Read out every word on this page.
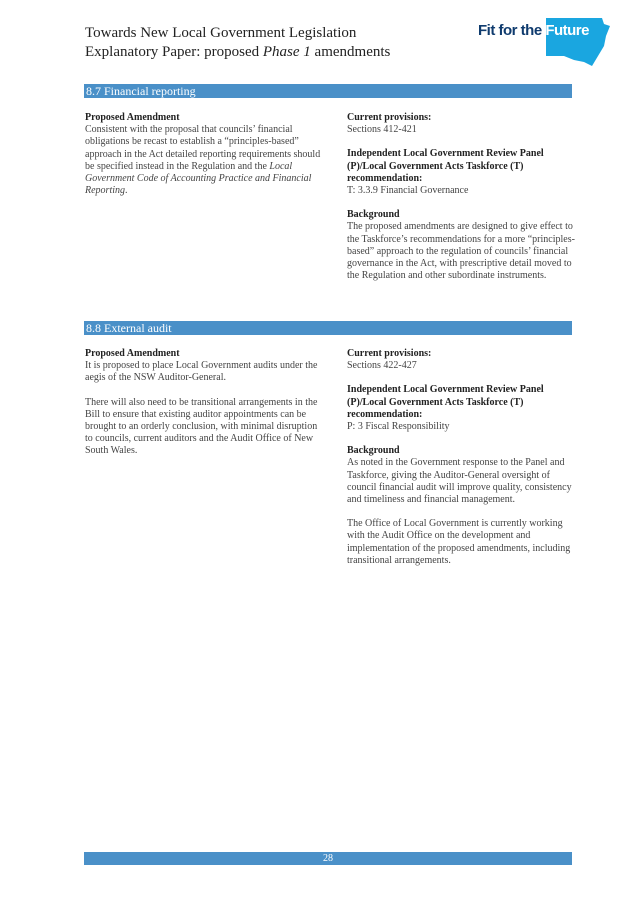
Towards New Local Government Legislation
Explanatory Paper: proposed Phase 1 amendments
Fit for the Future
8.7 Financial reporting

Proposed Amendment

Consistent with the proposal that councils’ financial obligations be recast to establish a “principles-based” approach in the Act detailed reporting requirements should be specified instead in the Regulation and the Local Government Code of Accounting Practice and Financial Reporting.

Current provisions:

Sections 412-421

Independent Local Government Review Panel (P)/Local Government Acts Taskforce (T) recommendation:

T: 3.3.9 Financial Governance

Background

The proposed amendments are designed to give effect to the Taskforce’s recommendations for a more “principles-based” approach to the regulation of councils’ financial governance in the Act, with prescriptive detail moved to the Regulation and other subordinate instruments.

8.8 External audit

Proposed Amendment

It is proposed to place Local Government audits under the aegis of the NSW Auditor-General.

There will also need to be transitional arrangements in the Bill to ensure that existing auditor appointments can be brought to an orderly conclusion, with minimal disruption to councils, current auditors and the Audit Office of New South Wales.

Current provisions:

Sections 422-427

Independent Local Government Review Panel (P)/Local Government Acts Taskforce (T) recommendation:

P: 3 Fiscal Responsibility

Background

As noted in the Government response to the Panel and Taskforce, giving the Auditor-General oversight of council financial audit will improve quality, consistency and timeliness and financial management.

The Office of Local Government is currently working with the Audit Office on the development and implementation of the proposed amendments, including transitional arrangements.

28
